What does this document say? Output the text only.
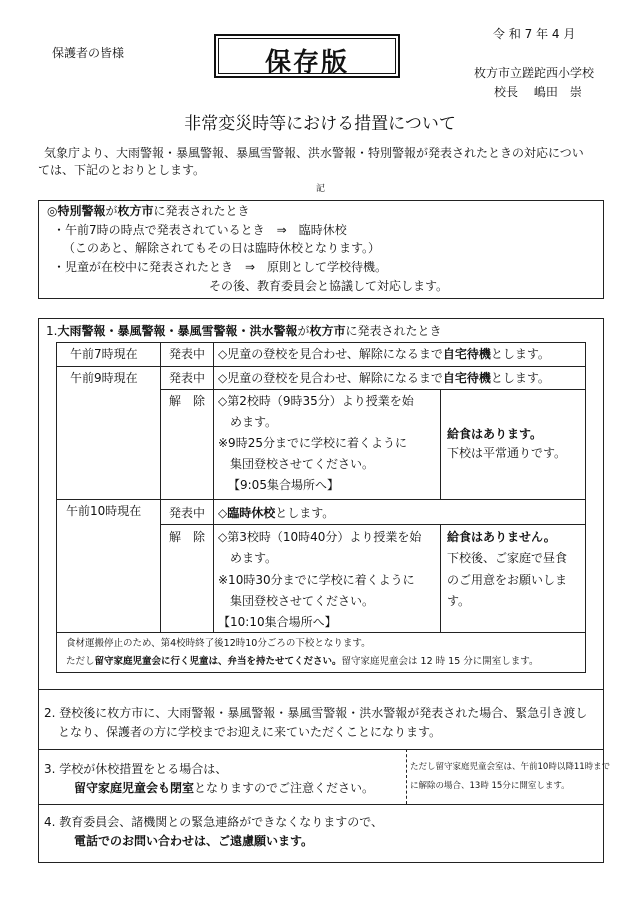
保護者の皆様	保存版
令 和 7 年 4 月
枚方市立蹉跎西小学校
校長　 嶋田　崇
非常変災時等における措置について
気象庁より、大雨警報・暴風警報、暴風雪警報、洪水警報・特別警報が発表されたときの対応につい
ては、下記のとおりとします。
記
◎特別警報が枚方市に発表されたとき
・午前7時の時点で発表されているとき　⇒　臨時休校
（このあと、解除されてもその日は臨時休校となります。）
・児童が在校中に発表されたとき　⇒　原則として学校待機。
その後、教育委員会と協議して対応します。
1.大雨警報・暴風警報・暴風雪警報・洪水警報が枚方市に発表されたとき
午前7時現在	発表中 ◇児童の登校を見合わせ、解除になるまで自宅待機とします。
午前9時現在	発表中 ◇児童の登校を見合わせ、解除になるまで自宅待機とします。
解　除 ◇第2校時（9時35分）より授業を始
めます。
※9時25分までに学校に着くように
集団登校させてください。
【9:05集合場所へ】
給食はあります。
下校は平常通りです。
午前10時現在 発表中 ◇臨時休校とします。
解　除 ◇第3校時（10時40分）より授業を始
めます。
※10時30分までに学校に着くように
集団登校させてください。
【10:10集合場所へ】
給食はありません。
下校後、ご家庭で昼食
のご用意をお願いしま
す。
食材運搬停止のため、第4校時終了後12時10分ごろの下校となります。
ただし留守家庭児童会に行く児童は、弁当を持たせてください。留守家庭児童会は 12 時 15 分に開室します。
2. 登校後に枚方市に、大雨警報・暴風警報・暴風雪警報・洪水警報が発表された場合、緊急引き渡し
となり、保護者の方に学校までお迎えに来ていただくことになります。
3. 学校が休校措置をとる場合は、
留守家庭児童会も閉室となりますのでご注意ください。
ただし留守家庭児童会室は、午前10時以降11時まで
に解除の場合、13時 15分に開室します。
4. 教育委員会、諸機関との緊急連絡ができなくなりますので、
電話でのお問い合わせは、ご遠慮願います。
